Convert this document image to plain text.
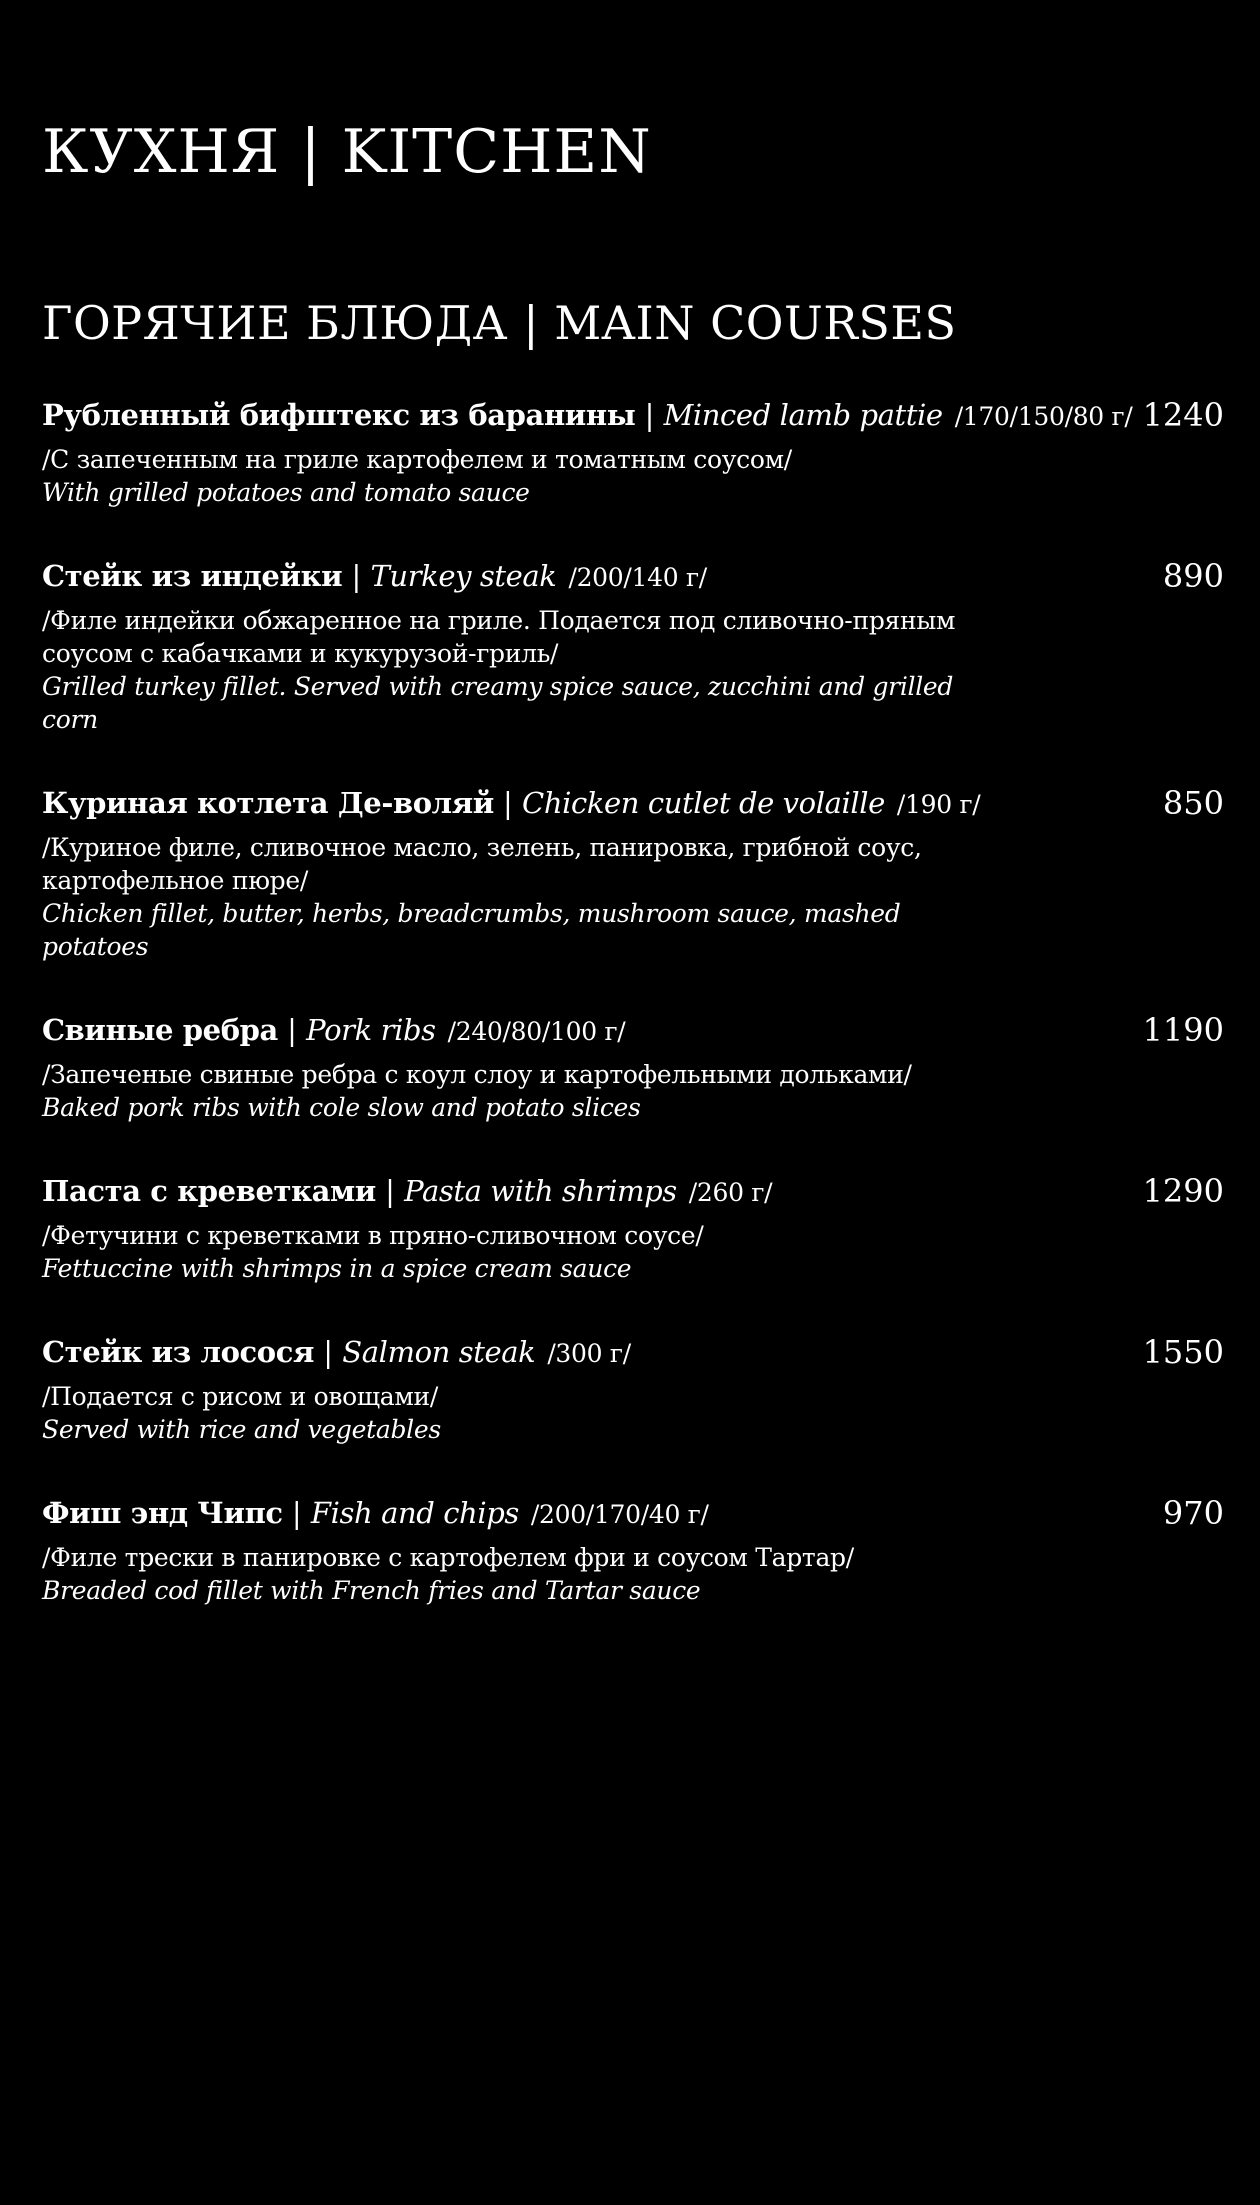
КУХНЯ | KITCHEN
ГОРЯЧИЕ БЛЮДА | MAIN COURSES
Рубленный бифштекс из баранины | Minced lamb pattie /170/150/80 г/ 1240
/С запеченным на гриле картофелем и томатным соусом/
With grilled potatoes and tomato sauce
Стейк из индейки | Turkey steak /200/140 г/	890
/Филе индейки обжаренное на гриле. Подается под сливочно-пряным соусом с кабачками и кукурузой-гриль/
Grilled turkey fillet. Served with creamy spice sauce, zucchini and grilled corn
Куриная котлета Де-воляй | Chicken cutlet de volaille /190 г/	850
/Куриное филе, сливочное масло, зелень, панировка, грибной соус, картофельное пюре/
Chicken fillet, butter, herbs, breadcrumbs, mushroom sauce, mashed potatoes
Свиные ребра | Pork ribs /240/80/100 г/	1190
/Запеченые свиные ребра с коул слоу и картофельными дольками/
Baked pork ribs with cole slow and potato slices
Паста с креветками | Pasta with shrimps /260 г/	1290
/Фетучини с креветками в пряно-сливочном соусе/
Fettuccine with shrimps in a spice cream sauce
Стейк из лосося | Salmon steak /300 г/	1550
/Подается с рисом и овощами/
Served with rice and vegetables
Фиш энд Чипс | Fish and chips /200/170/40 г/	970
/Филе трески в панировке с картофелем фри и соусом Тартар/
Breaded cod fillet with French fries and Tartar sauce
